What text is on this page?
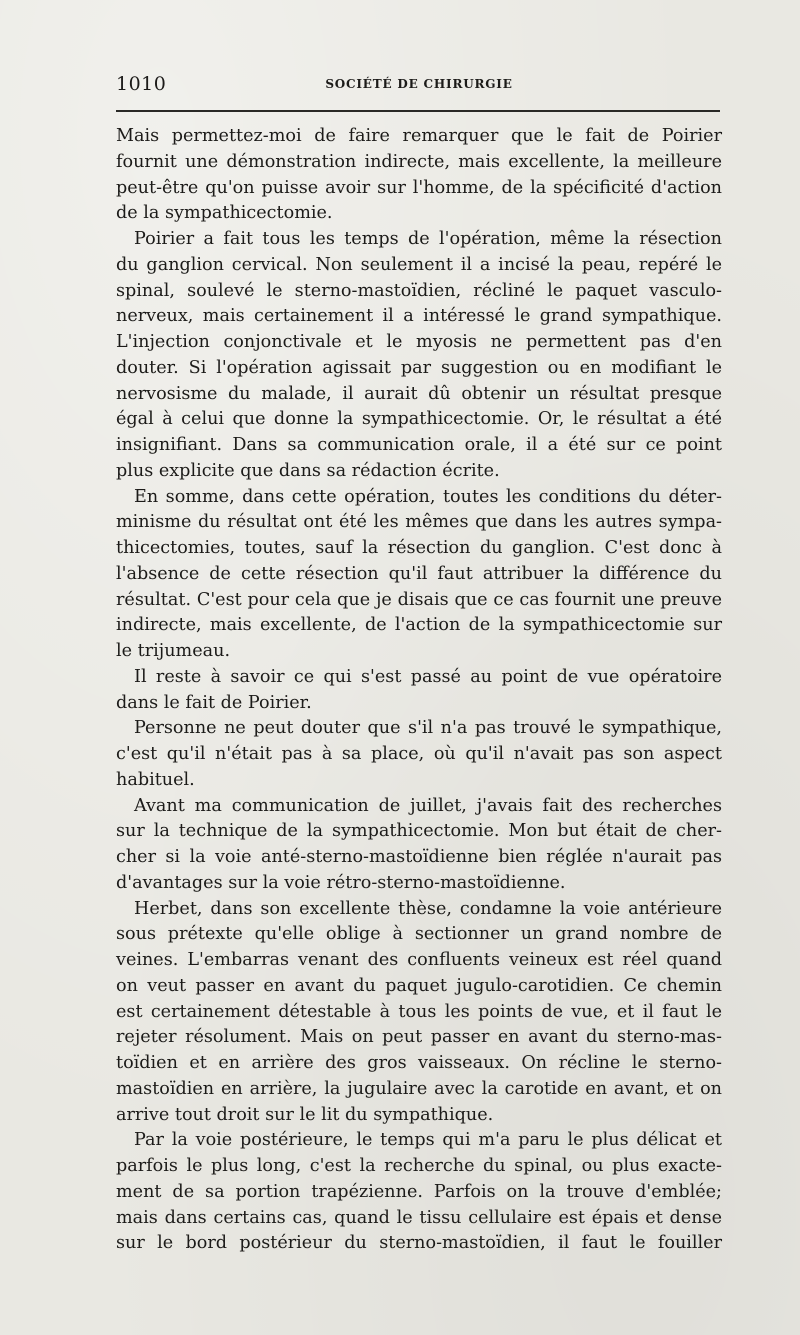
1010	SOCIÉTÉ DE CHIRURGIE
Mais permettez-moi de faire remarquer que le fait de Poirier
fournit une démonstration indirecte, mais excellente, la meilleure
peut-être qu'on puisse avoir sur l'homme, de la spécificité d'action
de la sympathicectomie.
Poirier a fait tous les temps de l'opération, même la résection
du ganglion cervical. Non seulement il a incisé la peau, repéré le
spinal, soulevé le sterno-mastoïdien, récliné le paquet vasculo-
nerveux, mais certainement il a intéressé le grand sympathique.
L'injection conjonctivale et le myosis ne permettent pas d'en
douter. Si l'opération agissait par suggestion ou en modifiant le
nervosisme du malade, il aurait dû obtenir un résultat presque
égal à celui que donne la sympathicectomie. Or, le résultat a été
insignifiant. Dans sa communication orale, il a été sur ce point
plus explicite que dans sa rédaction écrite.
En somme, dans cette opération, toutes les conditions du déter-
minisme du résultat ont été les mêmes que dans les autres sympa-
thicectomies, toutes, sauf la résection du ganglion. C'est donc à
l'absence de cette résection qu'il faut attribuer la différence du
résultat. C'est pour cela que je disais que ce cas fournit une preuve
indirecte, mais excellente, de l'action de la sympathicectomie sur
le trijumeau.
Il reste à savoir ce qui s'est passé au point de vue opératoire
dans le fait de Poirier.
Personne ne peut douter que s'il n'a pas trouvé le sympathique,
c'est qu'il n'était pas à sa place, où qu'il n'avait pas son aspect
habituel.
Avant ma communication de juillet, j'avais fait des recherches
sur la technique de la sympathicectomie. Mon but était de cher-
cher si la voie anté-sterno-mastoïdienne bien réglée n'aurait pas
d'avantages sur la voie rétro-sterno-mastoïdienne.
Herbet, dans son excellente thèse, condamne la voie antérieure
sous prétexte qu'elle oblige à sectionner un grand nombre de
veines. L'embarras venant des confluents veineux est réel quand
on veut passer en avant du paquet jugulo-carotidien. Ce chemin
est certainement détestable à tous les points de vue, et il faut le
rejeter résolument. Mais on peut passer en avant du sterno-mas-
toïdien et en arrière des gros vaisseaux. On récline le sterno-
mastoïdien en arrière, la jugulaire avec la carotide en avant, et on
arrive tout droit sur le lit du sympathique.
Par la voie postérieure, le temps qui m'a paru le plus délicat et
parfois le plus long, c'est la recherche du spinal, ou plus exacte-
ment de sa portion trapézienne. Parfois on la trouve d'emblée;
mais dans certains cas, quand le tissu cellulaire est épais et dense
sur le bord postérieur du sterno-mastoïdien, il faut le fouiller
